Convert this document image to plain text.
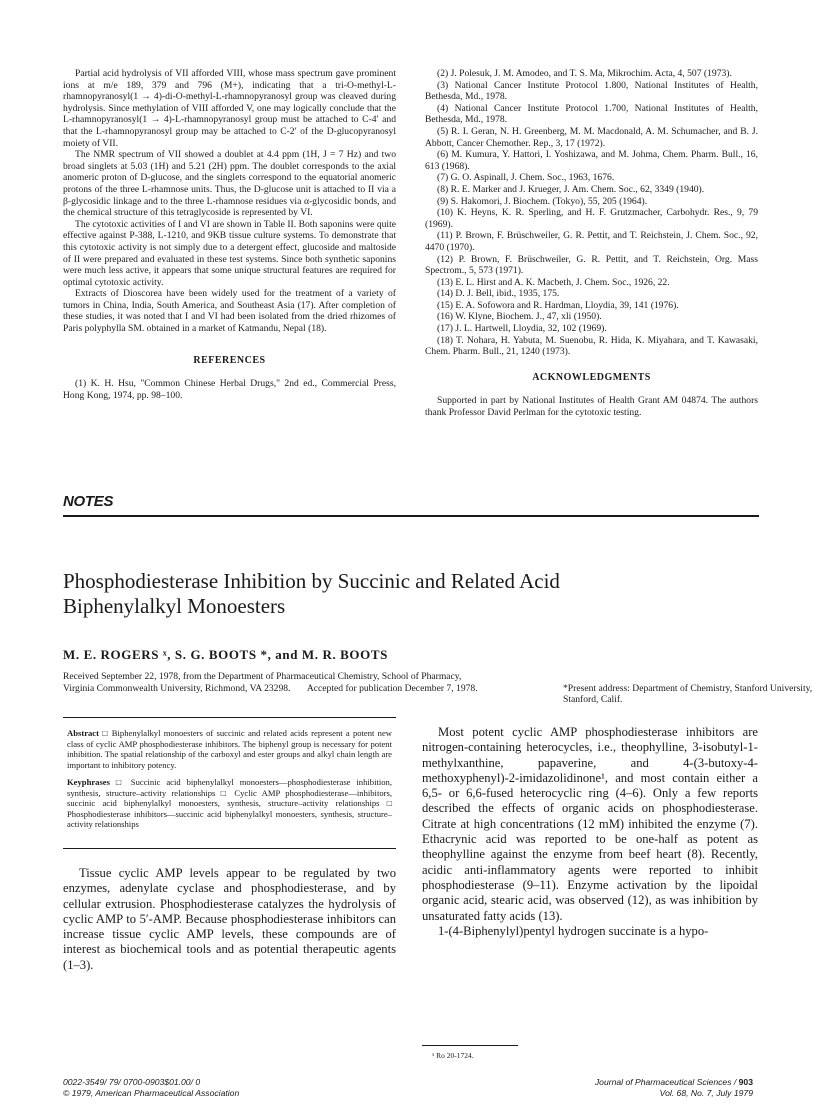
Partial acid hydrolysis of VII afforded VIII, whose mass spectrum gave prominent ions at m/e 189, 379 and 796 (M+), indicating that a tri-O-methyl-L-rhamnopyranosyl(1 → 4)-di-O-methyl-L-rhamnopyranosyl group was cleaved during hydrolysis. Since methylation of VIII afforded V, one may logically conclude that the L-rhamnopyranosyl(1 → 4)-L-rhamnopyranosyl group must be attached to C-4′ and that the L-rhamnopyranosyl group may be attached to C-2′ of the D-glucopyranosyl moiety of VII.

The NMR spectrum of VII showed a doublet at 4.4 ppm (1H, J = 7 Hz) and two broad singlets at 5.03 (1H) and 5.21 (2H) ppm. The doublet corresponds to the axial anomeric proton of D-glucose, and the singlets correspond to the equatorial anomeric protons of the three L-rhamnose units. Thus, the D-glucose unit is attached to II via a β-glycosidic linkage and to the three L-rhamnose residues via α-glycosidic bonds, and the chemical structure of this tetraglycoside is represented by VI.

The cytotoxic activities of I and VI are shown in Table II. Both saponins were quite effective against P-388, L-1210, and 9KB tissue culture systems. To demonstrate that this cytotoxic activity is not simply due to a detergent effect, glucoside and maltoside of II were prepared and evaluated in these test systems. Since both synthetic saponins were much less active, it appears that some unique structural features are required for optimal cytotoxic activity.

Extracts of Dioscorea have been widely used for the treatment of a variety of tumors in China, India, South America, and Southeast Asia (17). After completion of these studies, it was noted that I and VI had been isolated from the dried rhizomes of Paris polyphylla SM. obtained in a market of Katmandu, Nepal (18).

REFERENCES

(1) K. H. Hsu, "Common Chinese Herbal Drugs," 2nd ed., Commercial Press, Hong Kong, 1974, pp. 98–100.

(2) J. Polesuk, J. M. Amodeo, and T. S. Ma, Mikrochim. Acta, 4, 507 (1973).

(3) National Cancer Institute Protocol 1.800, National Institutes of Health, Bethesda, Md., 1978.

(4) National Cancer Institute Protocol 1.700, National Institutes of Health, Bethesda, Md., 1978.

(5) R. I. Geran, N. H. Greenberg, M. M. Macdonald, A. M. Schumacher, and B. J. Abbott, Cancer Chemother. Rep., 3, 17 (1972).

(6) M. Kumura, Y. Hattori, I. Yoshizawa, and M. Johma, Chem. Pharm. Bull., 16, 613 (1968).

(7) G. O. Aspinall, J. Chem. Soc., 1963, 1676.

(8) R. E. Marker and J. Krueger, J. Am. Chem. Soc., 62, 3349 (1940).

(9) S. Hakomori, J. Biochem. (Tokyo), 55, 205 (1964).

(10) K. Heyns, K. R. Sperling, and H. F. Grutzmacher, Carbohydr. Res., 9, 79 (1969).

(11) P. Brown, F. Brüschweiler, G. R. Pettit, and T. Reichstein, J. Chem. Soc., 92, 4470 (1970).

(12) P. Brown, F. Brüschweiler, G. R. Pettit, and T. Reichstein, Org. Mass Spectrom., 5, 573 (1971).

(13) E. L. Hirst and A. K. Macbeth, J. Chem. Soc., 1926, 22.

(14) D. J. Bell, ibid., 1935, 175.

(15) E. A. Sofowora and R. Hardman, Lloydia, 39, 141 (1976).

(16) W. Klyne, Biochem. J., 47, xli (1950).

(17) J. L. Hartwell, Lloydia, 32, 102 (1969).

(18) T. Nohara, H. Yabuta, M. Suenobu, R. Hida, K. Miyahara, and T. Kawasaki, Chem. Pharm. Bull., 21, 1240 (1973).

ACKNOWLEDGMENTS

Supported in part by National Institutes of Health Grant AM 04874. The authors thank Professor David Perlman for the cytotoxic testing.

NOTES
Phosphodiesterase Inhibition by Succinic and Related Acid Biphenylalkyl Monoesters
M. E. ROGERS ˣ, S. G. BOOTS *, and M. R. BOOTS
Received September 22, 1978, from the Department of Pharmaceutical Chemistry, School of Pharmacy, Virginia Commonwealth University, Richmond, VA 23298. Accepted for publication December 7, 1978.	*Present address: Department of Chemistry, Stanford University, Stanford, Calif.

Abstract □ Biphenylalkyl monoesters of succinic and related acids represent a potent new class of cyclic AMP phosphodiesterase inhibitors. The biphenyl group is necessary for potent inhibition. The spatial relationship of the carboxyl and ester groups and alkyl chain length are important to inhibitory potency.

Keyphrases □ Succinic acid biphenylalkyl monoesters—phosphodiesterase inhibition, synthesis, structure–activity relationships □ Cyclic AMP phosphodiesterase—inhibitors, succinic acid biphenylalkyl monoesters, synthesis, structure–activity relationships □ Phosphodiesterase inhibitors—succinic acid biphenylalkyl monoesters, synthesis, structure–activity relationships

Tissue cyclic AMP levels appear to be regulated by two enzymes, adenylate cyclase and phosphodiesterase, and by cellular extrusion. Phosphodiesterase catalyzes the hydrolysis of cyclic AMP to 5′-AMP. Because phosphodiesterase inhibitors can increase tissue cyclic AMP levels, these compounds are of interest as biochemical tools and as potential therapeutic agents (1–3).

Most potent cyclic AMP phosphodiesterase inhibitors are nitrogen-containing heterocycles, i.e., theophylline, 3-isobutyl-1-methylxanthine, papaverine, and 4-(3-butoxy-4-methoxyphenyl)-2-imidazolidinone¹, and most contain either a 6,5- or 6,6-fused heterocyclic ring (4–6). Only a few reports described the effects of organic acids on phosphodiesterase. Citrate at high concentrations (12 mM) inhibited the enzyme (7). Ethacrynic acid was reported to be one-half as potent as theophylline against the enzyme from beef heart (8). Recently, acidic anti-inflammatory agents were reported to inhibit phosphodiesterase (9–11). Enzyme activation by the lipoidal organic acid, stearic acid, was observed (12), as was inhibition by unsaturated fatty acids (13).

1-(4-Biphenylyl)pentyl hydrogen succinate is a hypo-

¹ Ro 20-1724.
0022-3549/ 79/ 0700-0903$01.00/ 0
© 1979, American Pharmaceutical Association
Journal of Pharmaceutical Sciences / 903
Vol. 68, No. 7, July 1979
